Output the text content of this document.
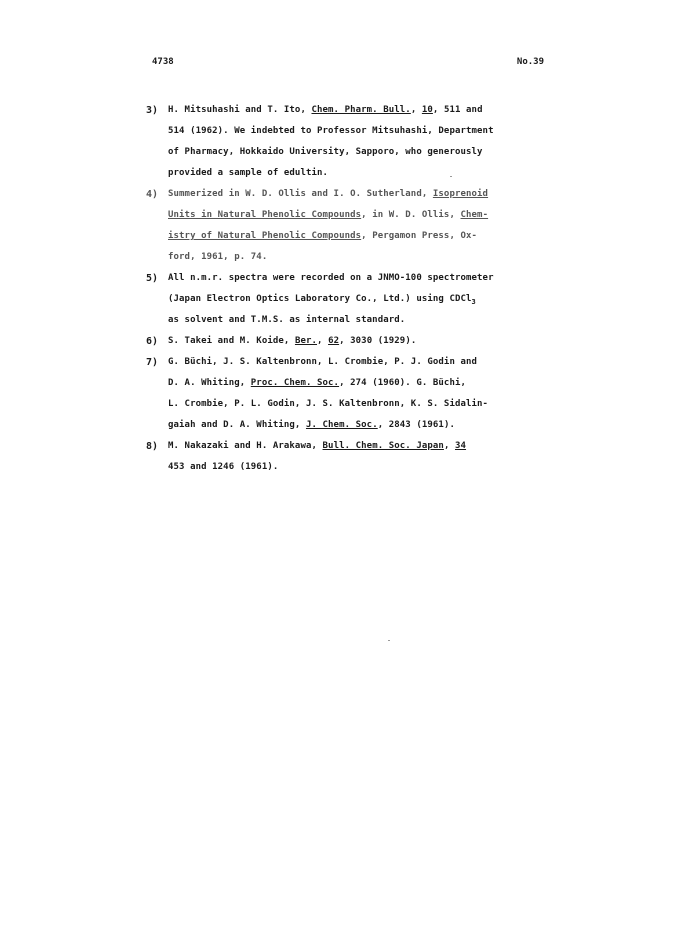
4738	No.39
3) H. Mitsuhashi and T. Ito, Chem. Pharm. Bull., 10, 511 and
514 (1962). We indebted to Professor Mitsuhashi, Department
of Pharmacy, Hokkaido University, Sapporo, who generously
provided a sample of edultin.
4) Summerized in W. D. Ollis and I. O. Sutherland, Isoprenoid
Units in Natural Phenolic Compounds, in W. D. Ollis, Chem-
istry of Natural Phenolic Compounds, Pergamon Press, Ox-
ford, 1961, p. 74.
5) All n.m.r. spectra were recorded on a JNMO-100 spectrometer
(Japan Electron Optics Laboratory Co., Ltd.) using CDCl$_3$
as solvent and T.M.S. as internal standard.
6) S. Takei and M. Koide, Ber., 62, 3030 (1929).
7) G. Büchi, J. S. Kaltenbronn, L. Crombie, P. J. Godin and
D. A. Whiting, Proc. Chem. Soc., 274 (1960). G. Büchi,
L. Crombie, P. L. Godin, J. S. Kaltenbronn, K. S. Sidalin-
gaiah and D. A. Whiting, J. Chem. Soc., 2843 (1961).
8) M. Nakazaki and H. Arakawa, Bull. Chem. Soc. Japan, 34
453 and 1246 (1961).
